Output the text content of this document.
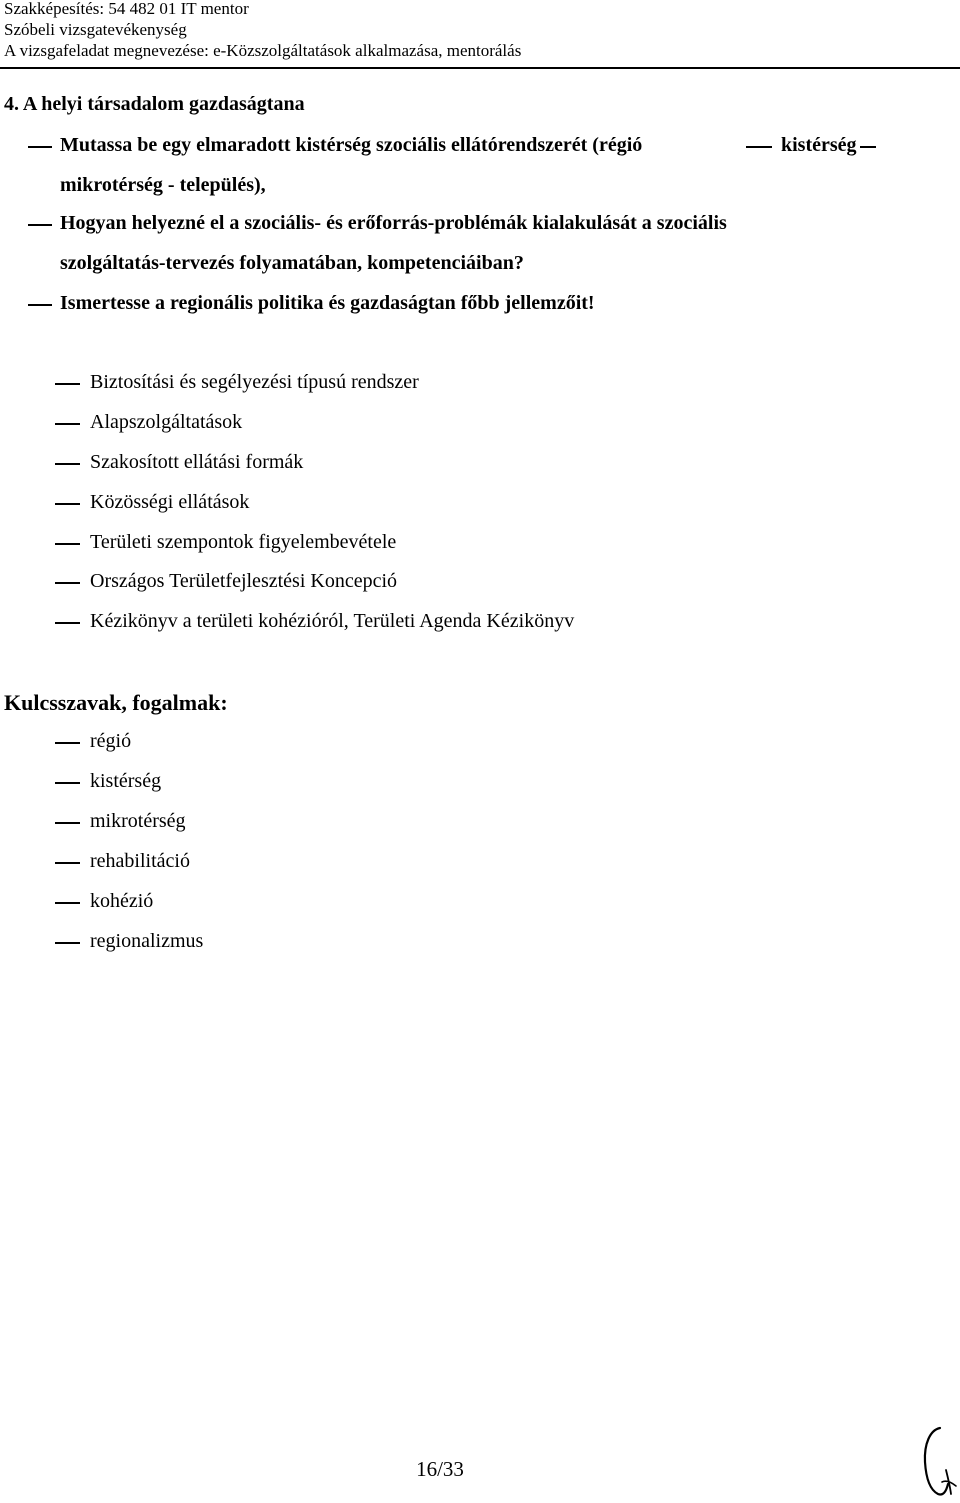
Szakképesítés: 54 482 01 IT mentor
Szóbeli vizsgatevékenység
A vizsgafeladat megnevezése: e-Közszolgáltatások alkalmazása, mentorálás
4. A helyi társadalom gazdaságtana
Mutassa be egy elmaradott kistérség szociális ellátórendszerét (régió	kistérség
mikrotérség - település),
Hogyan helyezné el a szociális- és erőforrás-problémák kialakulását a szociális
szolgáltatás-tervezés folyamatában, kompetenciáiban?
Ismertesse a regionális politika és gazdaságtan főbb jellemzőit!
Biztosítási és segélyezési típusú rendszer
Alapszolgáltatások
Szakosított ellátási formák
Közösségi ellátások
Területi szempontok figyelembevétele
Országos Területfejlesztési Koncepció
Kézikönyv a területi kohézióról, Területi Agenda Kézikönyv
Kulcsszavak, fogalmak:
régió
kistérség
mikrotérség
rehabilitáció
kohézió
regionalizmus
16/33
